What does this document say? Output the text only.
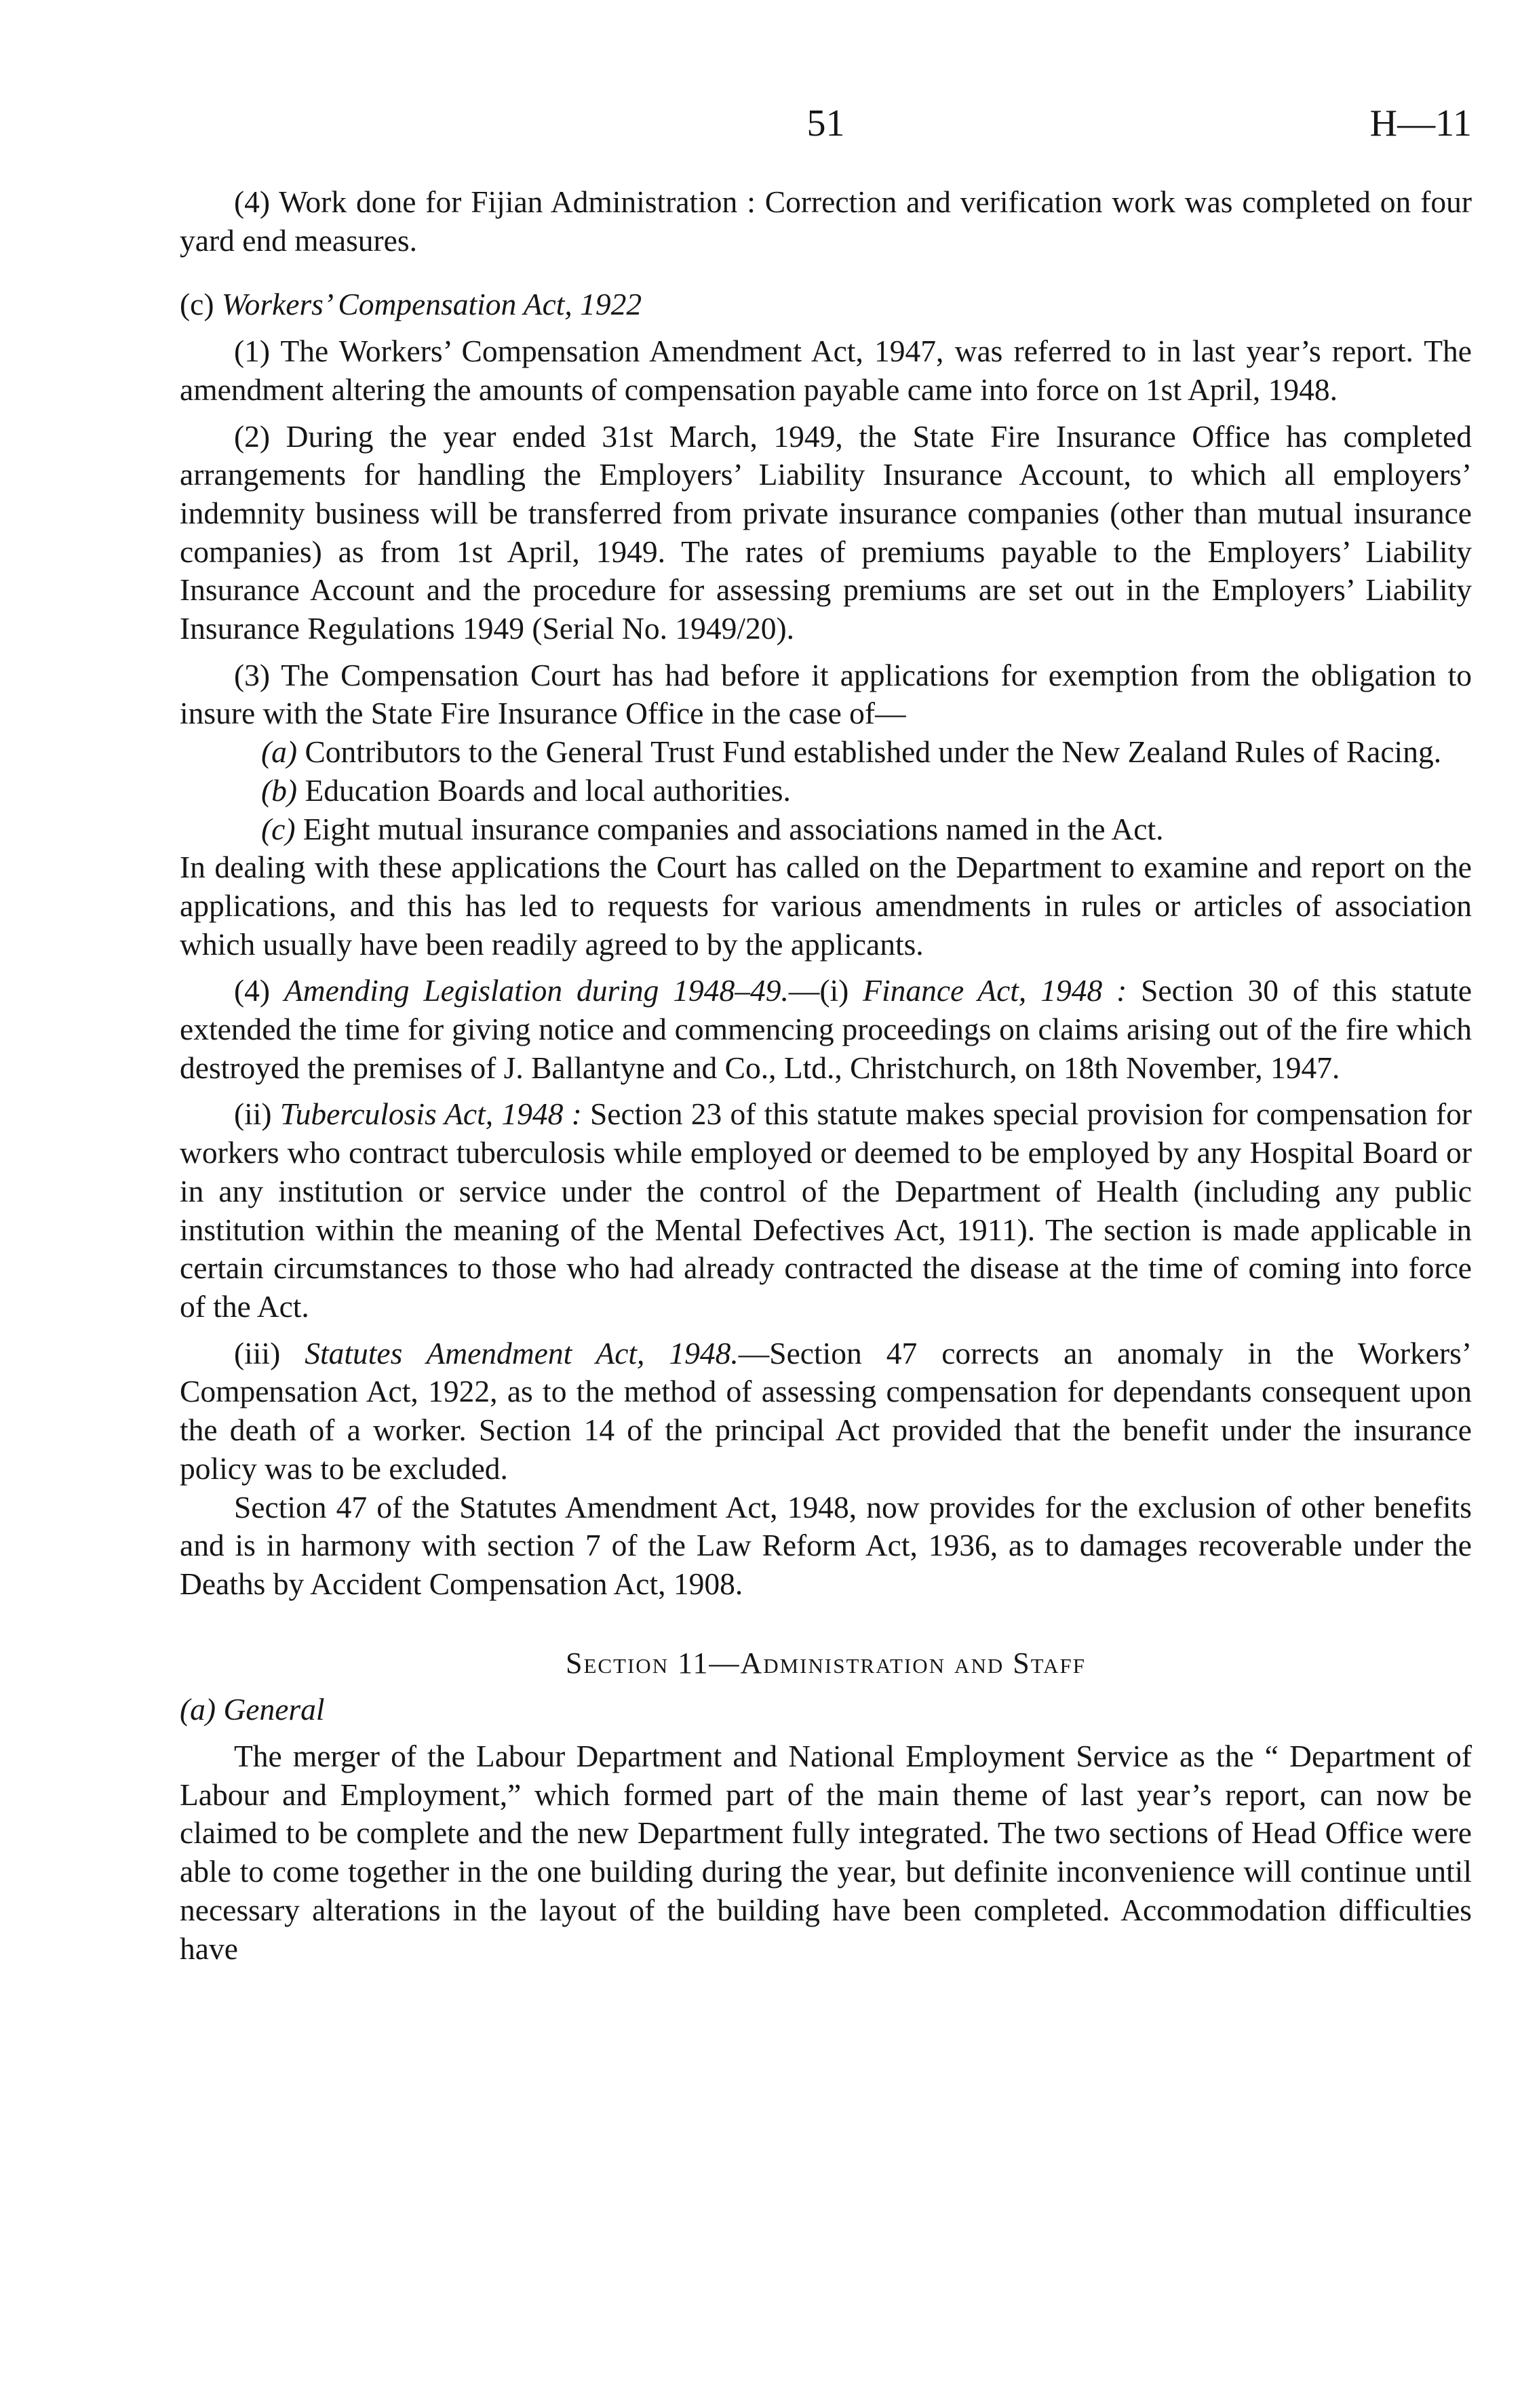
51	H—11

(4) Work done for Fijian Administration : Correction and verification work was completed on four yard end measures.

(c) Workers’ Compensation Act, 1922

(1) The Workers’ Compensation Amendment Act, 1947, was referred to in last year’s report. The amendment altering the amounts of compensation payable came into force on 1st April, 1948.

(2) During the year ended 31st March, 1949, the State Fire Insurance Office has completed arrangements for handling the Employers’ Liability Insurance Account, to which all employers’ indemnity business will be transferred from private insurance companies (other than mutual insurance companies) as from 1st April, 1949. The rates of premiums payable to the Employers’ Liability Insurance Account and the procedure for assessing premiums are set out in the Employers’ Liability Insurance Regulations 1949 (Serial No. 1949/20).

(3) The Compensation Court has had before it applications for exemption from the obligation to insure with the State Fire Insurance Office in the case of—

(a) Contributors to the General Trust Fund established under the New Zealand Rules of Racing.

(b) Education Boards and local authorities.

(c) Eight mutual insurance companies and associations named in the Act.

In dealing with these applications the Court has called on the Department to examine and report on the applications, and this has led to requests for various amendments in rules or articles of association which usually have been readily agreed to by the applicants.

(4) Amending Legislation during 1948–49.—(i) Finance Act, 1948 : Section 30 of this statute extended the time for giving notice and commencing proceedings on claims arising out of the fire which destroyed the premises of J. Ballantyne and Co., Ltd., Christchurch, on 18th November, 1947.

(ii) Tuberculosis Act, 1948 : Section 23 of this statute makes special provision for compensation for workers who contract tuberculosis while employed or deemed to be employed by any Hospital Board or in any institution or service under the control of the Department of Health (including any public institution within the meaning of the Mental Defectives Act, 1911). The section is made applicable in certain circumstances to those who had already contracted the disease at the time of coming into force of the Act.

(iii) Statutes Amendment Act, 1948.—Section 47 corrects an anomaly in the Workers’ Compensation Act, 1922, as to the method of assessing compensation for dependants consequent upon the death of a worker. Section 14 of the principal Act provided that the benefit under the insurance policy was to be excluded.

Section 47 of the Statutes Amendment Act, 1948, now provides for the exclusion of other benefits and is in harmony with section 7 of the Law Reform Act, 1936, as to damages recoverable under the Deaths by Accident Compensation Act, 1908.

Section 11—Administration and Staff

(a) General

The merger of the Labour Department and National Employment Service as the “ Department of Labour and Employment,” which formed part of the main theme of last year’s report, can now be claimed to be complete and the new Department fully integrated. The two sections of Head Office were able to come together in the one building during the year, but definite inconvenience will continue until necessary alterations in the layout of the building have been completed. Accommodation difficulties have
